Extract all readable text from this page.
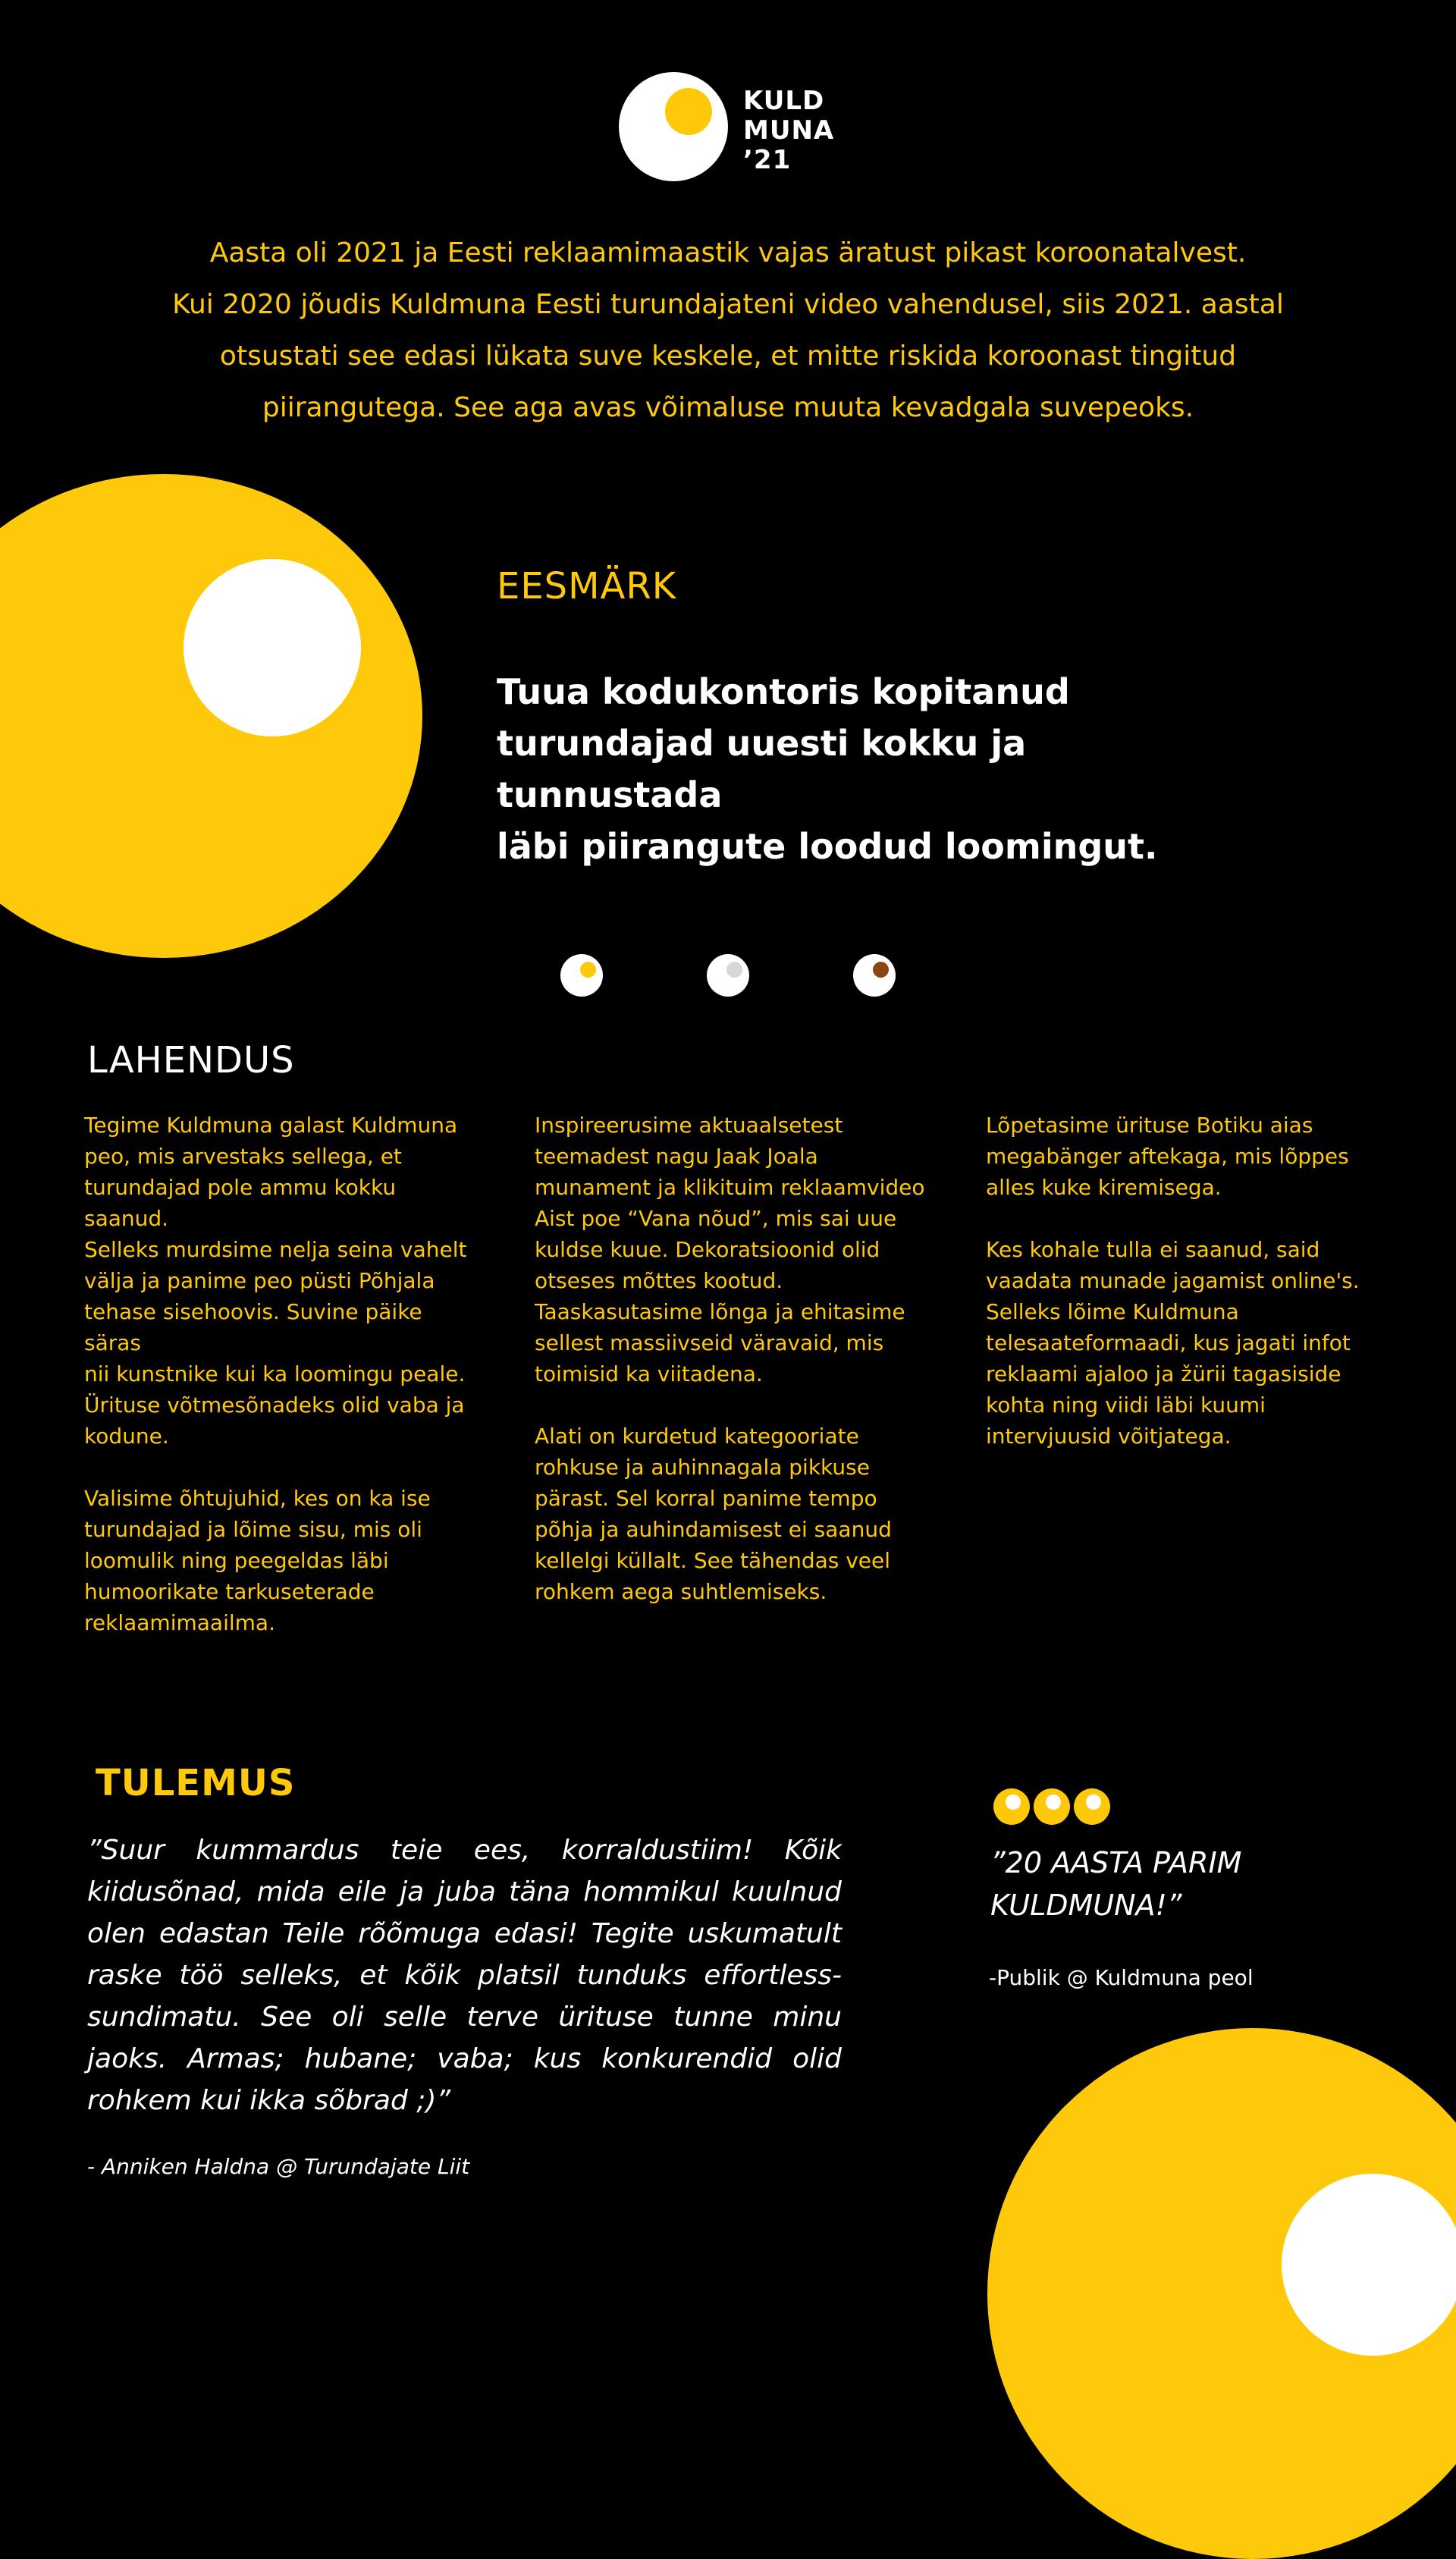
KULD
MUNA
’21
Aasta oli 2021 ja Eesti reklaamimaastik vajas äratust pikast koroonatalvest.
Kui 2020 jõudis Kuldmuna Eesti turundajateni video vahendusel, siis 2021. aastal
otsustati see edasi lükata suve keskele, et mitte riskida koroonast tingitud
piirangutega. See aga avas võimaluse muuta kevadgala suvepeoks.
EESMÄRK
Tuua kodukontoris kopitanud
turundajad uuesti kokku ja tunnustada
läbi piirangute loodud loomingut.
LAHENDUS

Tegime Kuldmuna galast Kuldmuna
peo, mis arvestaks sellega, et
turundajad pole ammu kokku saanud.
Selleks murdsime nelja seina vahelt
välja ja panime peo püsti Põhjala
tehase sisehoovis. Suvine päike säras
nii kunstnike kui ka loomingu peale.
Ürituse võtmesõnadeks olid vaba ja
kodune.

Valisime õhtujuhid, kes on ka ise
turundajad ja lõime sisu, mis oli
loomulik ning peegeldas läbi
humoorikate tarkuseterade
reklaamimaailma.

Inspireerusime aktuaalsetest
teemadest nagu Jaak Joala
munament ja klikituim reklaamvideo
Aist poe “Vana nõud”, mis sai uue
kuldse kuue. Dekoratsioonid olid
otseses mõttes kootud.
Taaskasutasime lõnga ja ehitasime
sellest massiivseid väravaid, mis
toimisid ka viitadena.

Alati on kurdetud kategooriate
rohkuse ja auhinnagala pikkuse
pärast. Sel korral panime tempo
põhja ja auhindamisest ei saanud
kellelgi küllalt. See tähendas veel
rohkem aega suhtlemiseks.

Lõpetasime ürituse Botiku aias
megabänger aftekaga, mis lõppes
alles kuke kiremisega.

Kes kohale tulla ei saanud, said
vaadata munade jagamist online's.
Selleks lõime Kuldmuna
telesaateformaadi, kus jagati infot
reklaami ajaloo ja žürii tagasiside
kohta ning viidi läbi kuumi
intervjuusid võitjatega.

TULEMUS

”Suur kummardus teie ees, korraldustiim! Kõik kiidusõnad, mida eile ja juba täna hommikul kuulnud olen edastan Teile rõõmuga edasi! Tegite uskumatult raske töö selleks, et kõik platsil tunduks effortless-sundimatu. See oli selle terve ürituse tunne minu jaoks. Armas; hubane; vaba; kus konkurendid olid rohkem kui ikka sõbrad ;)”

- Anniken Haldna @ Turundajate Liit
”20 AASTA PARIM
KULDMUNA!”
-Publik @ Kuldmuna peol
